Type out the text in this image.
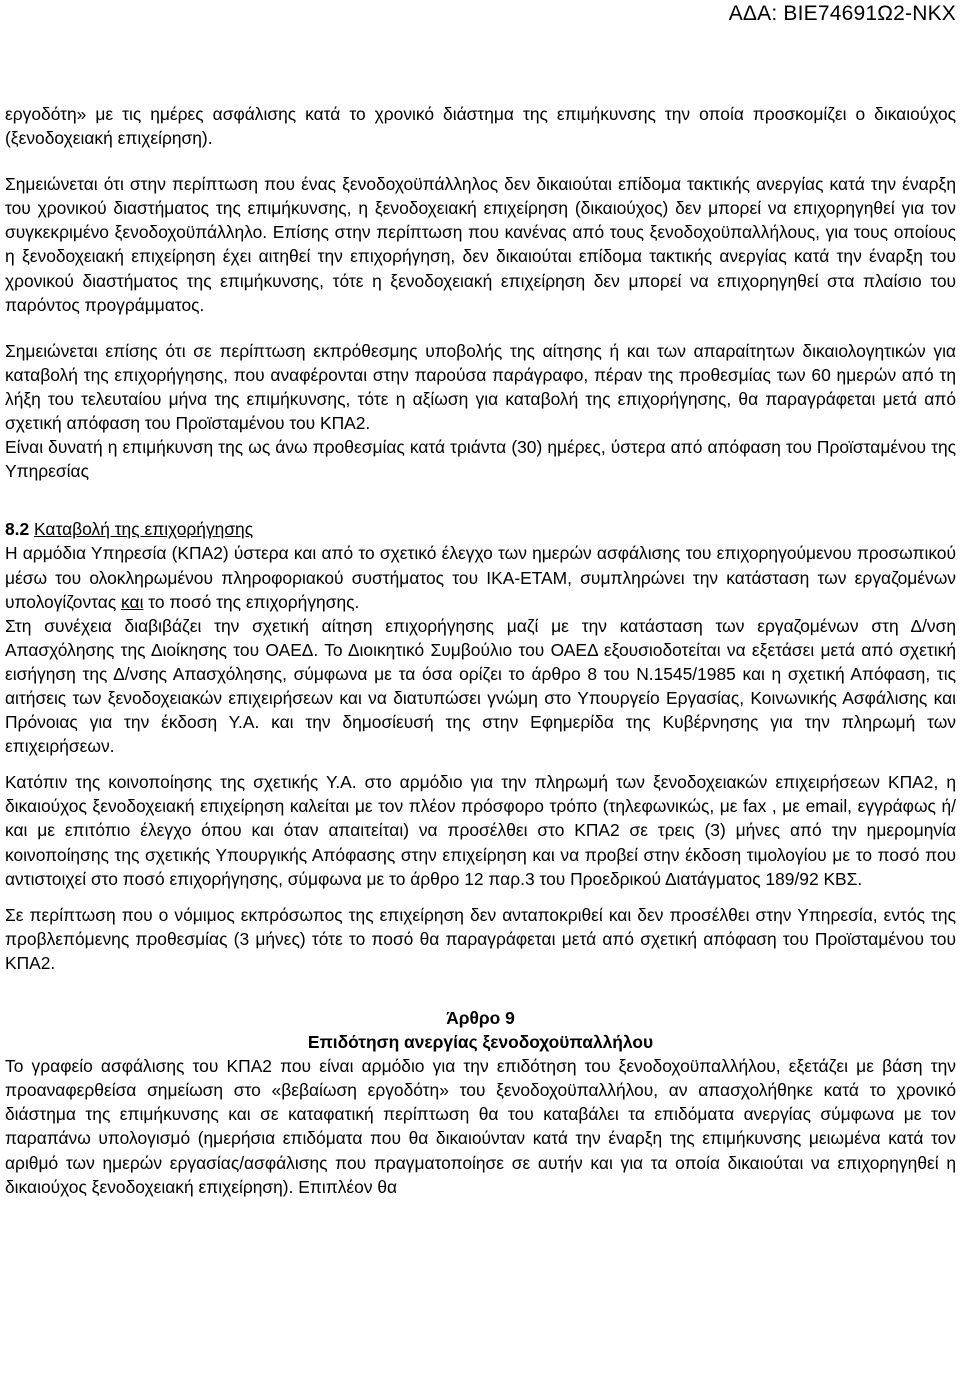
ΑΔΑ: ΒΙΕ74691Ω2-ΝΚΧ

εργοδότη» με τις ημέρες ασφάλισης κατά το χρονικό διάστημα της επιμήκυνσης την οποία προσκομίζει ο δικαιούχος (ξενοδοχειακή επιχείρηση).

Σημειώνεται ότι στην περίπτωση που ένας ξενοδοχοϋπάλληλος δεν δικαιούται επίδομα τακτικής ανεργίας κατά την έναρξη του χρονικού διαστήματος της επιμήκυνσης, η ξενοδοχειακή επιχείρηση (δικαιούχος) δεν μπορεί να επιχορηγηθεί για τον συγκεκριμένο ξενοδοχοϋπάλληλο. Επίσης στην περίπτωση που κανένας από τους ξενοδοχοϋπαλλήλους, για τους οποίους η ξενοδοχειακή επιχείρηση έχει αιτηθεί την επιχορήγηση, δεν δικαιούται επίδομα τακτικής ανεργίας κατά την έναρξη του χρονικού διαστήματος της επιμήκυνσης, τότε η ξενοδοχειακή επιχείρηση δεν μπορεί να επιχορηγηθεί στα πλαίσιο του παρόντος προγράμματος.

Σημειώνεται επίσης ότι σε περίπτωση εκπρόθεσμης υποβολής της αίτησης ή και των απαραίτητων δικαιολογητικών για καταβολή της επιχορήγησης, που αναφέρονται στην παρούσα παράγραφο, πέραν της προθεσμίας των 60 ημερών από τη λήξη του τελευταίου μήνα της επιμήκυνσης, τότε η αξίωση για καταβολή της επιχορήγησης, θα παραγράφεται μετά από σχετική απόφαση του Προϊσταμένου του ΚΠΑ2.

Είναι δυνατή η επιμήκυνση της ως άνω προθεσμίας κατά τριάντα (30) ημέρες, ύστερα από απόφαση του Προϊσταμένου της Υπηρεσίας

8.2 Καταβολή της επιχορήγησης

Η αρμόδια Υπηρεσία (ΚΠΑ2) ύστερα και από το σχετικό έλεγχο των ημερών ασφάλισης του επιχορηγούμενου προσωπικού μέσω του ολοκληρωμένου πληροφοριακού συστήματος του ΙΚΑ-ΕΤΑΜ, συμπληρώνει την κατάσταση των εργαζομένων υπολογίζοντας και το ποσό της επιχορήγησης.

Στη συνέχεια διαβιβάζει την σχετική αίτηση επιχορήγησης μαζί με την κατάσταση των εργαζομένων στη Δ/νση Απασχόλησης της Διοίκησης του ΟΑΕΔ. Το Διοικητικό Συμβούλιο του ΟΑΕΔ εξουσιοδοτείται να εξετάσει μετά από σχετική εισήγηση της Δ/νσης Απασχόλησης, σύμφωνα με τα όσα ορίζει το άρθρο 8 του Ν.1545/1985 και η σχετική Απόφαση, τις αιτήσεις των ξενοδοχειακών επιχειρήσεων και να διατυπώσει γνώμη στο Υπουργείο Εργασίας, Κοινωνικής Ασφάλισης και Πρόνοιας για την έκδοση Υ.Α. και την δημοσίευσή της στην Εφημερίδα της Κυβέρνησης για την πληρωμή των επιχειρήσεων.

Κατόπιν της κοινοποίησης της σχετικής Υ.Α. στο αρμόδιο για την πληρωμή των ξενοδοχειακών επιχειρήσεων ΚΠΑ2, η δικαιούχος ξενοδοχειακή επιχείρηση καλείται με τον πλέον πρόσφορο τρόπο (τηλεφωνικώς, με fax , με email, εγγράφως ή/και με επιτόπιο έλεγχο όπου και όταν απαιτείται) να προσέλθει στο ΚΠΑ2 σε τρεις (3) μήνες από την ημερομηνία κοινοποίησης της σχετικής Υπουργικής Απόφασης στην επιχείρηση και να προβεί στην έκδοση τιμολογίου με το ποσό που αντιστοιχεί στο ποσό επιχορήγησης, σύμφωνα με το άρθρο 12 παρ.3 του Προεδρικού Διατάγματος 189/92 ΚΒΣ.

Σε περίπτωση που ο νόμιμος εκπρόσωπος της επιχείρηση δεν ανταποκριθεί και δεν προσέλθει στην Υπηρεσία, εντός της προβλεπόμενης προθεσμίας (3 μήνες) τότε το ποσό θα παραγράφεται μετά από σχετική απόφαση του Προϊσταμένου του ΚΠΑ2.

Άρθρο 9

Επιδότηση ανεργίας ξενοδοχοϋπαλλήλου

Το γραφείο ασφάλισης του ΚΠΑ2 που είναι αρμόδιο για την επιδότηση του ξενοδοχοϋπαλλήλου, εξετάζει με βάση την προαναφερθείσα σημείωση στο «βεβαίωση εργοδότη» του ξενοδοχοϋπαλλήλου, αν απασχολήθηκε κατά το χρονικό διάστημα της επιμήκυνσης και σε καταφατική περίπτωση θα του καταβάλει τα επιδόματα ανεργίας σύμφωνα με τον παραπάνω υπολογισμό (ημερήσια επιδόματα που θα δικαιούνταν κατά την έναρξη της επιμήκυνσης μειωμένα κατά τον αριθμό των ημερών εργασίας/ασφάλισης που πραγματοποίησε σε αυτήν και για τα οποία δικαιούται να επιχορηγηθεί η δικαιούχος ξενοδοχειακή επιχείρηση). Επιπλέον θα
